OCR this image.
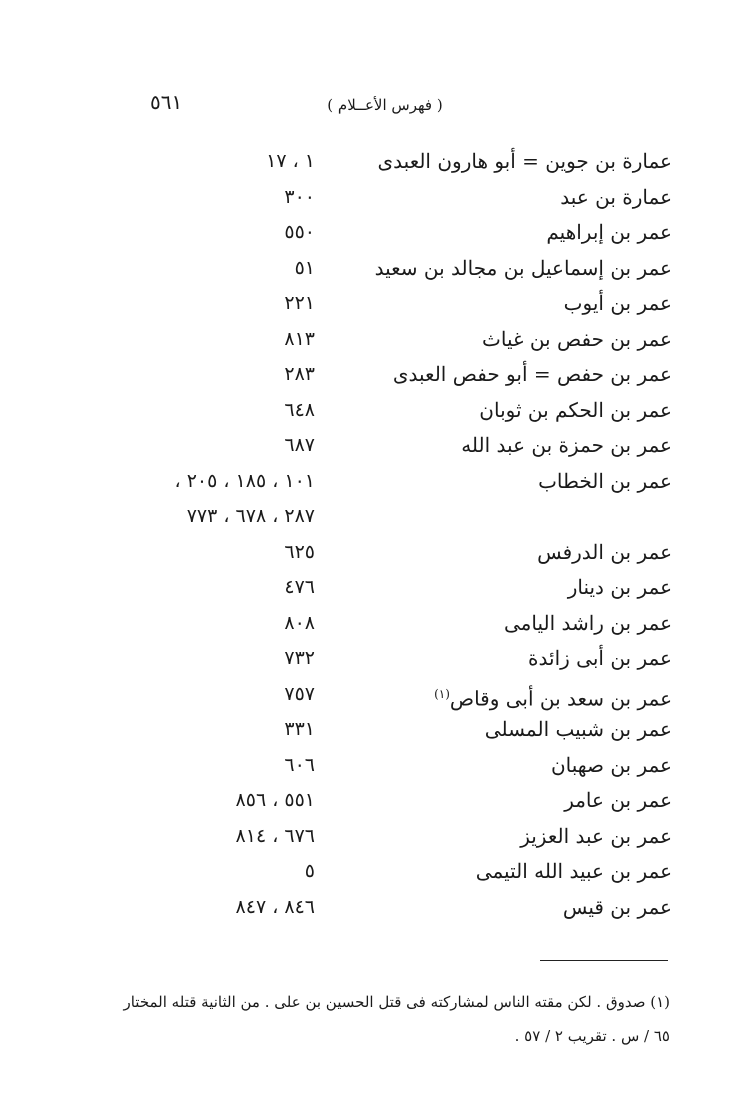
( فهرس الأعــلام )
٥٦١
عمارة بن جوين = أبو هارون العبدى
١ ، ١٧
عمارة بن عبد
٣٠٠
عمر بن إبراهيم
٥٥٠
عمر بن إسماعيل بن مجالد بن سعيد
٥١
عمر بن أيوب
٢٢١
عمر بن حفص بن غياث
٨١٣
عمر بن حفص = أبو حفص العبدى
٢٨٣
عمر بن الحكم بن ثوبان
٦٤٨
عمر بن حمزة بن عبد الله
٦٨٧
عمر بن الخطاب
١٠١ ، ١٨٥ ، ٢٠٥ ،
٢٨٧ ، ٦٧٨ ، ٧٧٣
عمر بن الدرفس
٦٢٥
عمر بن دينار
٤٧٦
عمر بن راشد اليامى
٨٠٨
عمر بن أبى زائدة
٧٣٢
عمر بن سعد بن أبى وقاص$^{(١)}$
٧٥٧
عمر بن شبيب المسلى
٣٣١
عمر بن صهبان
٦٠٦
عمر بن عامر
٥٥١ ، ٨٥٦
عمر بن عبد العزيز
٦٧٦ ، ٨١٤
عمر بن عبيد الله التيمى
٥
عمر بن قيس
٨٤٦ ، ٨٤٧
(١) صدوق . لكن مقته الناس لمشاركته فى قتل الحسين بن على . من الثانية قتله المختار
٦٥ / س . تقريب ٢ / ٥٧ .
